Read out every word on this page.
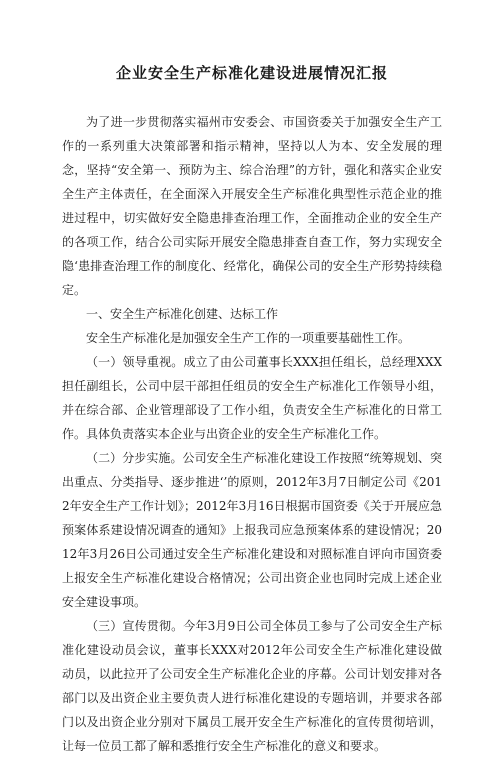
企业安全生产标准化建设进展情况汇报

为了进一步贯彻落实福州市安委会、市国资委关于加强安全生产工作的一系列重大决策部署和指示精神，坚持以人为本、安全发展的理念，坚持“安全第一、预防为主、综合治理”的方针，强化和落实企业安全生产主体责任，在全面深入开展安全生产标准化典型性示范企业的推进过程中，切实做好安全隐患排查治理工作，全面推动企业的安全生产的各项工作，结合公司实际开展安全隐患排查自查工作，努力实现安全隐‘患排查治理工作的制度化、经常化，确保公司的安全生产形势持续稳定。

一、安全生产标准化创建、达标工作

安全生产标准化是加强安全生产工作的一项重要基础性工作。

（一）领导重视。成立了由公司董事长XXX担任组长，总经理XXX担任副组长，公司中层干部担任组员的安全生产标准化工作领导小组，并在综合部、企业管理部设了工作小组，负责安全生产标准化的日常工作。具体负责落实本企业与出资企业的安全生产标准化工作。

（二）分步实施。公司安全生产标准化建设工作按照“统筹规划、突出重点、分类指导、逐步推进‘’的原则，2012年3月7日制定公司《2012年安全生产工作计划》；2012年3月16日根据市国资委《关于开展应急预案体系建设情况调查的通知》上报我司应急预案体系的建设情况；2012年3月26日公司通过安全生产标准化建设和对照标准自评向市国资委上报安全生产标准化建设合格情况；公司出资企业也同时完成上述企业安全建设事项。

（三）宣传贯彻。今年3月9日公司全体员工参与了公司安全生产标准化建设动员会议，董事长XXX对2012年公司安全生产标准化建设做动员，以此拉开了公司安全生产标准化企业的序幕。公司计划安排对各部门以及出资企业主要负责人进行标准化建设的专题培训，并要求各部门以及出资企业分别对下属员工展开安全生产标准化的宣传贯彻培训，让每一位员工都了解和悉推行安全生产标准化的意义和要求。
